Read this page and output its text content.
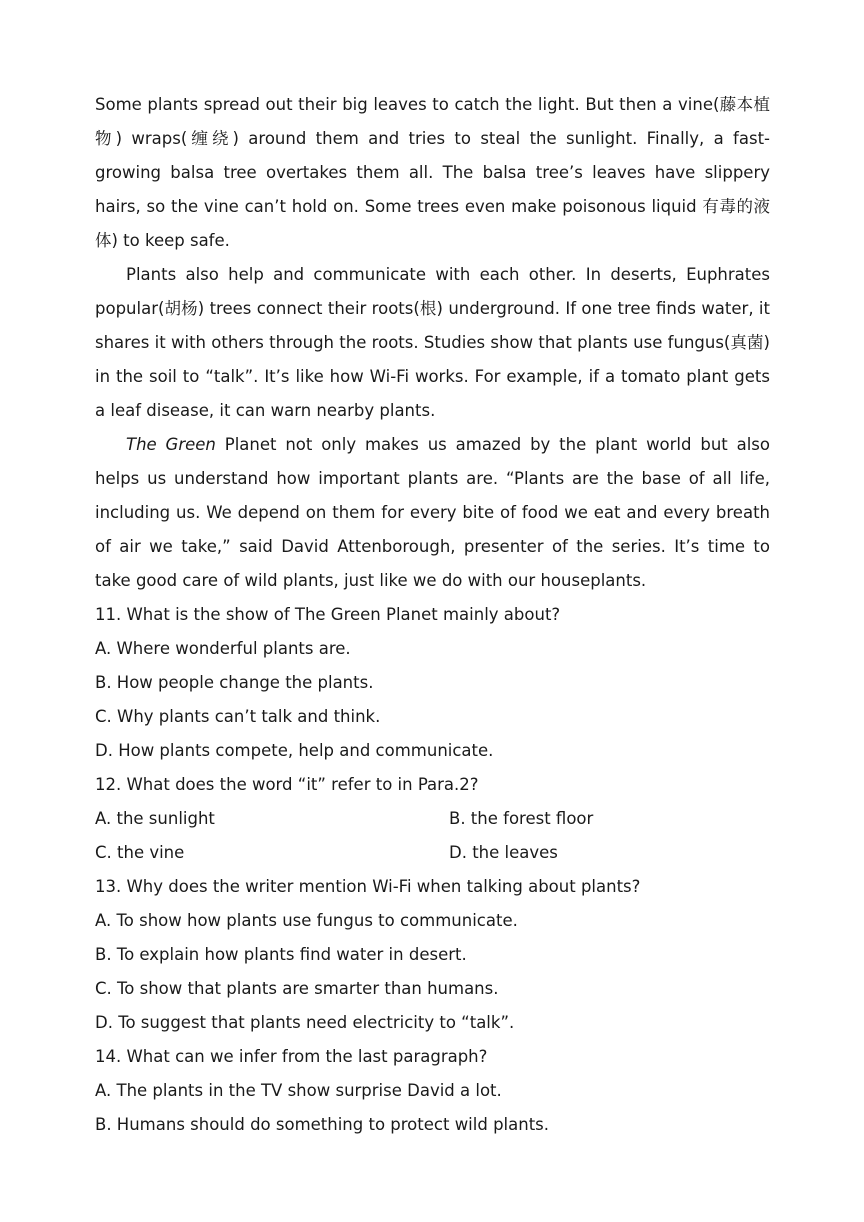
Some plants spread out their big leaves to catch the light. But then a vine(藤本植物) wraps(缠绕) around them and tries to steal the sunlight. Finally, a fast-growing balsa tree overtakes them all. The balsa tree’s leaves have slippery hairs, so the vine can’t hold on. Some trees even make poisonous liquid 有毒的液体) to keep safe.

Plants also help and communicate with each other. In deserts, Euphrates popular(胡杨) trees connect their roots(根) underground. If one tree finds water, it shares it with others through the roots. Studies show that plants use fungus(真菌) in the soil to “talk”. It’s like how Wi-Fi works. For example, if a tomato plant gets a leaf disease, it can warn nearby plants.

The Green Planet not only makes us amazed by the plant world but also helps us understand how important plants are. “Plants are the base of all life, including us. We depend on them for every bite of food we eat and every breath of air we take,” said David Attenborough, presenter of the series. It’s time to take good care of wild plants, just like we do with our houseplants.

11. What is the show of The Green Planet mainly about?
A. Where wonderful plants are.
B. How people change the plants.
C. Why plants can’t talk and think.
D. How plants compete, help and communicate.
12. What does the word “it” refer to in Para.2?
A. the sunlight	B. the forest floor
C. the vine	D. the leaves
13. Why does the writer mention Wi-Fi when talking about plants?
A. To show how plants use fungus to communicate.
B. To explain how plants find water in desert.
C. To show that plants are smarter than humans.
D. To suggest that plants need electricity to “talk”.
14. What can we infer from the last paragraph?
A. The plants in the TV show surprise David a lot.
B. Humans should do something to protect wild plants.
